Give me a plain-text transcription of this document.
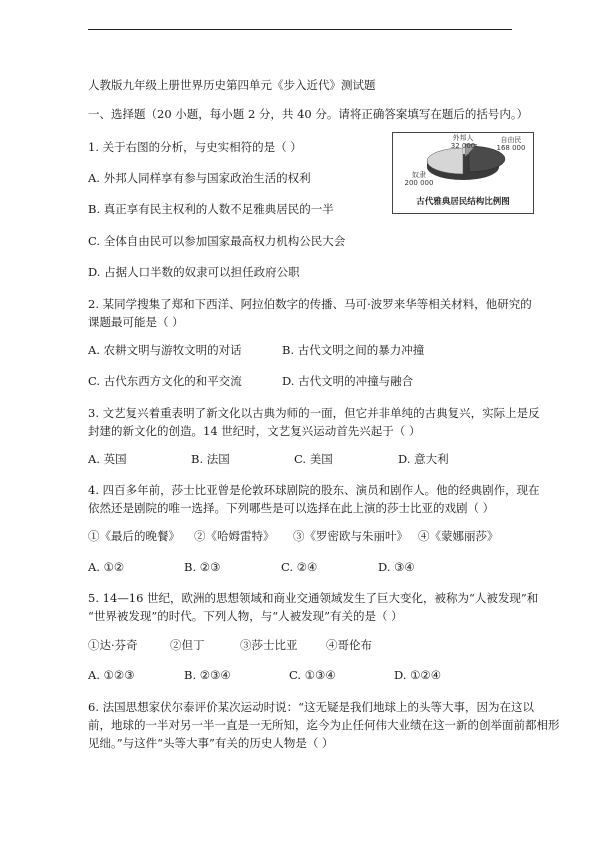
人教版九年级上册世界历史第四单元《步入近代》测试题
一、选择题（20 小题，每小题 2 分，共 40 分。请将正确答案填写在题后的括号内。）
外邦人
32 000
自由民
168 000
奴隶
200 000
古代雅典居民结构比例图
1. 关于右图的分析，与史实相符的是（ ）
A. 外邦人同样享有参与国家政治生活的权利
B. 真正享有民主权利的人数不足雅典居民的一半
C. 全体自由民可以参加国家最高权力机构公民大会
D. 占据人口半数的奴隶可以担任政府公职
2. 某同学搜集了郑和下西洋、阿拉伯数字的传播、马可·波罗来华等相关材料，他研究的
课题最可能是（ ）
A. 农耕文明与游牧文明的对话	B. 古代文明之间的暴力冲撞
C. 古代东西方文化的和平交流	D. 古代文明的冲撞与融合
3. 文艺复兴着重表明了新文化以古典为师的一面，但它并非单纯的古典复兴，实际上是反
封建的新文化的创造。14 世纪时，文艺复兴运动首先兴起于（ ）
A. 英国	B. 法国	C. 美国	D. 意大利
4. 四百多年前，莎士比亚曾是伦敦环球剧院的股东、演员和剧作人。他的经典剧作，现在
依然还是剧院的唯一选择。下列哪些是可以选择在此上演的莎士比亚的戏剧（ ）
①《最后的晚餐》 ②《哈姆雷特》 ③《罗密欧与朱丽叶》 ④《蒙娜丽莎》
A. ①②	B. ②③	C. ②④	D. ③④
5. 14—16 世纪，欧洲的思想领域和商业交通领域发生了巨大变化，被称为“人被发现”和
“世界被发现”的时代。下列人物，与“人被发现”有关的是（ ）
①达·芬奇	②但丁	③莎士比亚 ④哥伦布
A. ①②③	B. ②③④	C. ①③④	D. ①②④
6. 法国思想家伏尔泰评价某次运动时说：“这无疑是我们地球上的头等大事，因为在这以
前，地球的一半对另一半一直是一无所知，迄今为止任何伟大业绩在这一新的创举面前都相形
见绌。”与这件“头等大事”有关的历史人物是（ ）
